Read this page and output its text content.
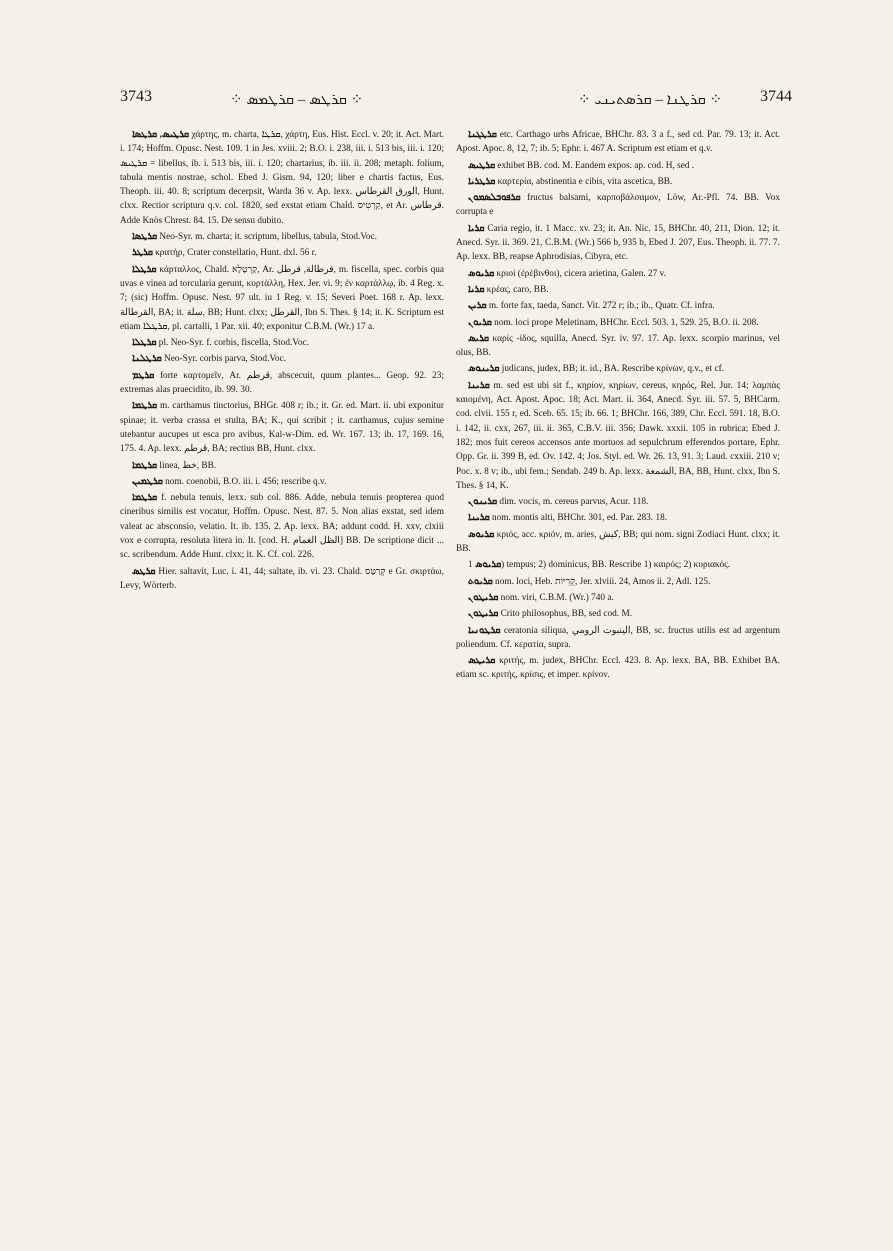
3743	⁘ ܩܪܛܣ – ܩܪܛܡܣ ⁘	⁘ ܩܪܛܢܐ – ܩܪܣܬܝܢܝ ⁘ 3744

ܩܪܛܝܣ, ܩܪܛܣܐ χάρτης, m. charta, ܩܪܛܐ, χάρτη, Eus. Hist. Eccl. v. 20; it. Act. Mart. i. 174; Hoffm. Opusc. Nest. 109. 1 in Jes. xviii. 2; B.O. i. 238, iii. i. 513 bis, iii. i. 120; ܩܪܛܝܣ = libellus, ib. i. 513 bis, iii. i. 120; chartarius, ib. iii. ii. 208; metaph. folium, tabula mentis nostrae, schol. Ebed J. Gism. 94, 120; liber e chartis factus, Eus. Theoph. iii. 40. 8; scriptum decerpsit, Warda 36 v. Ap. lexx. الورق القرطاس, Hunt. clxx. Rectior scriptura q.v. col. 1820, sed exstat etiam Chald. קַרְטִיס, et Ar. قرطاس. Adde Knös Chrest. 84. 15. De sensu dubito.

ܩܪܛܣܐ Neo-Syr. m. charta; it. scriptum, libellus, tabula, Stod.Voc.

ܩܪܛܪ κρατήρ, Crater constellatio, Hunt. dxl. 56 r.

ܩܪܛܠܐ κάρταλλος, Chald. קַרְטָלָא, Ar. قرطالة, قرطل, m. fiscella, spec. corbis qua uvas e vinea ad torcularia gerunt, κυρτάλλη, Hex. Jer. vi. 9; ἐν καρτάλλῳ, ib. 4 Reg. x. 7; (sic) Hoffm. Opusc. Nest. 97 ult. iu 1 Reg. v. 15; Severi Poet. 168 r. Ap. lexx. القرطالة, BA; it. سلة, BB; Hunt. clxx; القرطل, Ibn S. Thes. § 14; it. K. Scriptum est etiam ܩܪܛܠܐ, pl. cartalli, 1 Par. xii. 40; exponitur C.B.M. (Wr.) 17 a.

ܩܪܛܠܐ pl. Neo-Syr. f. corbis, fiscella, Stod.Voc.

ܩܪܛܠܢܐ Neo-Syr. corbis parva, Stod.Voc.

ܩܪܛܡ forte καρτομεῖν, Ar. قرطم, abscecuit, quum plantes... Geop. 92. 23; extremas alas praecidito, ib. 99. 30.

ܩܪܛܡܐ m. carthamus tinctorius, BHGr. 408 r; ib.; it. Gr. ed. Mart. ii. ubi exponitur spinae; it. verba crassa et stulta, BA; K., qui scribit ; it. carthamus, cujus semine utebantur aucupes ut esca pro avibus, Kal-w-Dim. ed. Wr. 167. 13; ib. 17, 169. 16, 175. 4. Ap. lexx. قرطم, BA; rectius BB, Hunt. clxx.

ܩܪܛܡܐ linea, خط, BB.

ܩܪܛܡܝܢ nom. coenobii, B.O. iii. i. 456; rescribe q.v.

ܩܪܛܡܐ f. nebula tenuis, lexx. sub col. 886. Adde, nebula tenuis propterea quod cineribus similis est vocatur, Hoffm. Opusc. Nest. 87. 5. Non alias exstat, sed idem valeat ac absconsio, velatio. It. ib. 135. 2. Ap. lexx. BA; addunt codd. H. xxv, clxiii vox e corrupta, resoluta litera in. It. [cod. H. الظل الغمام] BB. De scriptione dicit ... sc. scribendum. Adde Hunt. clxx; it. K. Cf. col. 226.

ܩܪܛܣ Hier. saltavit, Luc. i. 41, 44; saltate, ib. vi. 23. Chald. קְרַטַּס e Gr. σκιρτάω, Levy, Wörterb.

ܩܪܛܓܢܐ etc. Carthago urbs Africae, BHChr. 83. 3 a f., sed cd. Par. 79. 13; it. Act. Apost. Apoc. 8, 12, 7; ib. 5; Ephr. i. 467 A. Scriptum est etiam et q.v.

ܩܪܛܝܣ exhibet BB. cod. M. Eandem expos. ap. cod. H, sed .

ܩܪܛܪܝܐ καρτερία, abstinentia e cibis, vita ascetica, BB.

ܩܪܦܘܒܠܣܡܘܢ fructus balsami, καρποβάλσαμον, Löw, Ar.-Pfl. 74. BB. Vox corrupta e

ܩܪܝܐ Caria regio, it. 1 Macc. xv. 23; it. An. Nic. 15, BHChr. 40, 211, Dion. 12; it. Anecd. Syr. ii. 369. 21, C.B.M. (Wr.) 566 b, 935 b, Ebed J. 207, Eus. Theoph. ii. 77. 7. Ap. lexx. BB, reapse Aphrodisias, Cibyra, etc.

ܩܪܝܘܣ κριοί (ἐρέβινθοι), cicera arietina, Galen. 27 v.

ܩܪܝܐ κρέας, caro, BB.

ܩܪܝܢ m. forte fax, taeda, Sanct. Vit. 272 r; ib.; ib., Quatr. Cf. infra.

ܩܪܝܘܢ nom. loci prope Meletinam, BHChr. Eccl. 503. 1, 529. 25, B.O. ii. 208.

ܩܪܝܣ καρίς -ίδος, squilla, Anecd. Syr. iv. 97. 17. Ap. lexx. scorpio marinus, vel olus, BB.

ܩܪܝܢܘܣ judicans, judex, BB; it. id., BA. Rescribe κρίνων, q.v., et cf.

ܩܪܝܢܐ m. sed est ubi sit f., κηρίον, κηρίων, cereus, κηρός, Rel. Jur. 14; λαμπὰς καιομένη, Act. Apost. Apoc. 18; Act. Mart. ii. 364, Anecd. Syr. iii. 57. 5, BHCarm. cod. clvii. 155 r, ed. Sceb. 65. 15; ib. 66. 1; BHChr. 166, 389, Chr. Eccl. 591. 18, B.O. i. 142, ii. cxx, 267, iii. ii. 365, C.B.V. iii. 356; Dawk. xxxii. 105 in rubrica; Ebed J. 182; mos fuit cereos accensos ante mortuos ad sepulchrum efferendos portare, Ephr. Opp. Gr. ii. 399 B, ed. Ov. 142. 4; Jos. Styl. ed. Wr. 26. 13, 91. 3; Laud. cxxiii. 210 v; Poc. x. 8 v; ib., ubi fem.; Sendab. 249 b. Ap. lexx. الشمعة, BA, BB, Hunt. clxx, Ibn S. Thes. § 14, K.

ܩܪܝܢܘܢ dim. vocis, m. cereus parvus, Acur. 118.

ܩܪܝܢܐ nom. montis alti, BHChr. 301, ed. Par. 283. 18.

ܩܪܝܘܣ κριός, acc. κριόν, m. aries, كبش, BB; qui nom. signi Zodiaci Hunt. clxx; it. BB.

ܩܪܝܘܣ 1) tempus; 2) dominicus, BB. Rescribe 1) καιρός; 2) κυριακός.

ܩܪܝܘܬ nom. loci, Heb. קְרִיּוֹת, Jer. xlviii. 24, Amos ii. 2, Adl. 125.

ܩܪܝܛܘܢ nom. viri, C.B.M. (Wr.) 740 a.

ܩܪܝܛܘܢ Crito philosophus, BB, sed cod. M.

ܩܪܛܘܢܝܐ ceratonia siliqua, الينبوت الرومي, BB, sc. fructus utilis est ad argentum poliendum. Cf. κερατία, supra.

ܩܪܝܛܣ κριτής, m. judex, BHChr. Eccl. 423. 8. Ap. lexx. BA, BB. Exhibet BA. etiam sc. κριτής, κρίσις, et imper. κρίνον.
